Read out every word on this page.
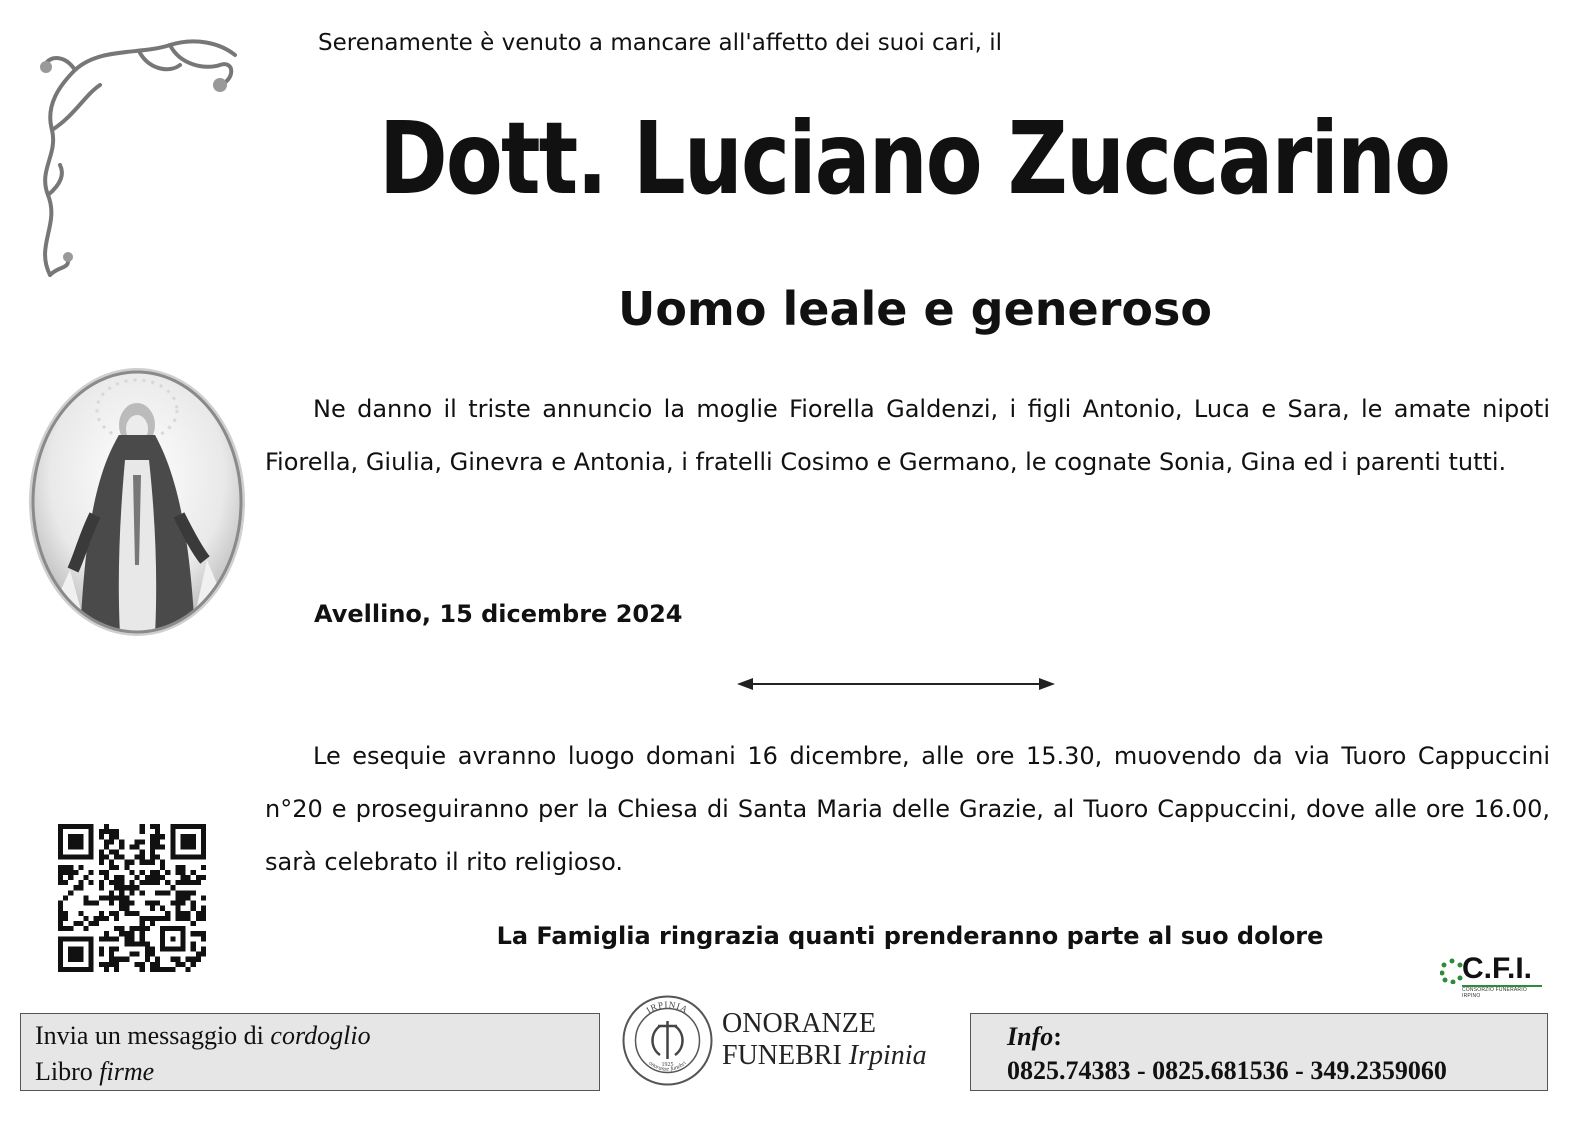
Serenamente è venuto a mancare all'affetto dei suoi cari, il
Dott. Luciano Zuccarino
Uomo leale e generoso
Ne danno il triste annuncio la moglie Fiorella Galdenzi, i figli Antonio, Luca e Sara, le amate nipoti Fiorella, Giulia, Ginevra e Antonia, i fratelli Cosimo e Germano, le cognate Sonia, Gina ed i parenti tutti.
Avellino, 15 dicembre 2024
Le esequie avranno luogo domani 16 dicembre, alle ore 15.30, muovendo da via Tuoro Cappuccini n°20 e proseguiranno per la Chiesa di Santa Maria delle Grazie, al Tuoro Cappuccini, dove alle ore 16.00, sarà celebrato il rito religioso.
La Famiglia ringrazia quanti prenderanno parte al suo dolore
C.F.I.
CONSORZIO FUNERARIO IRPINO
Invia un messaggio di cordoglio
Libro firme
IRPINIA
onoranze funebri
1925
ONORANZE
FUNEBRI Irpinia
Info:
0825.74383 - 0825.681536 - 349.2359060
